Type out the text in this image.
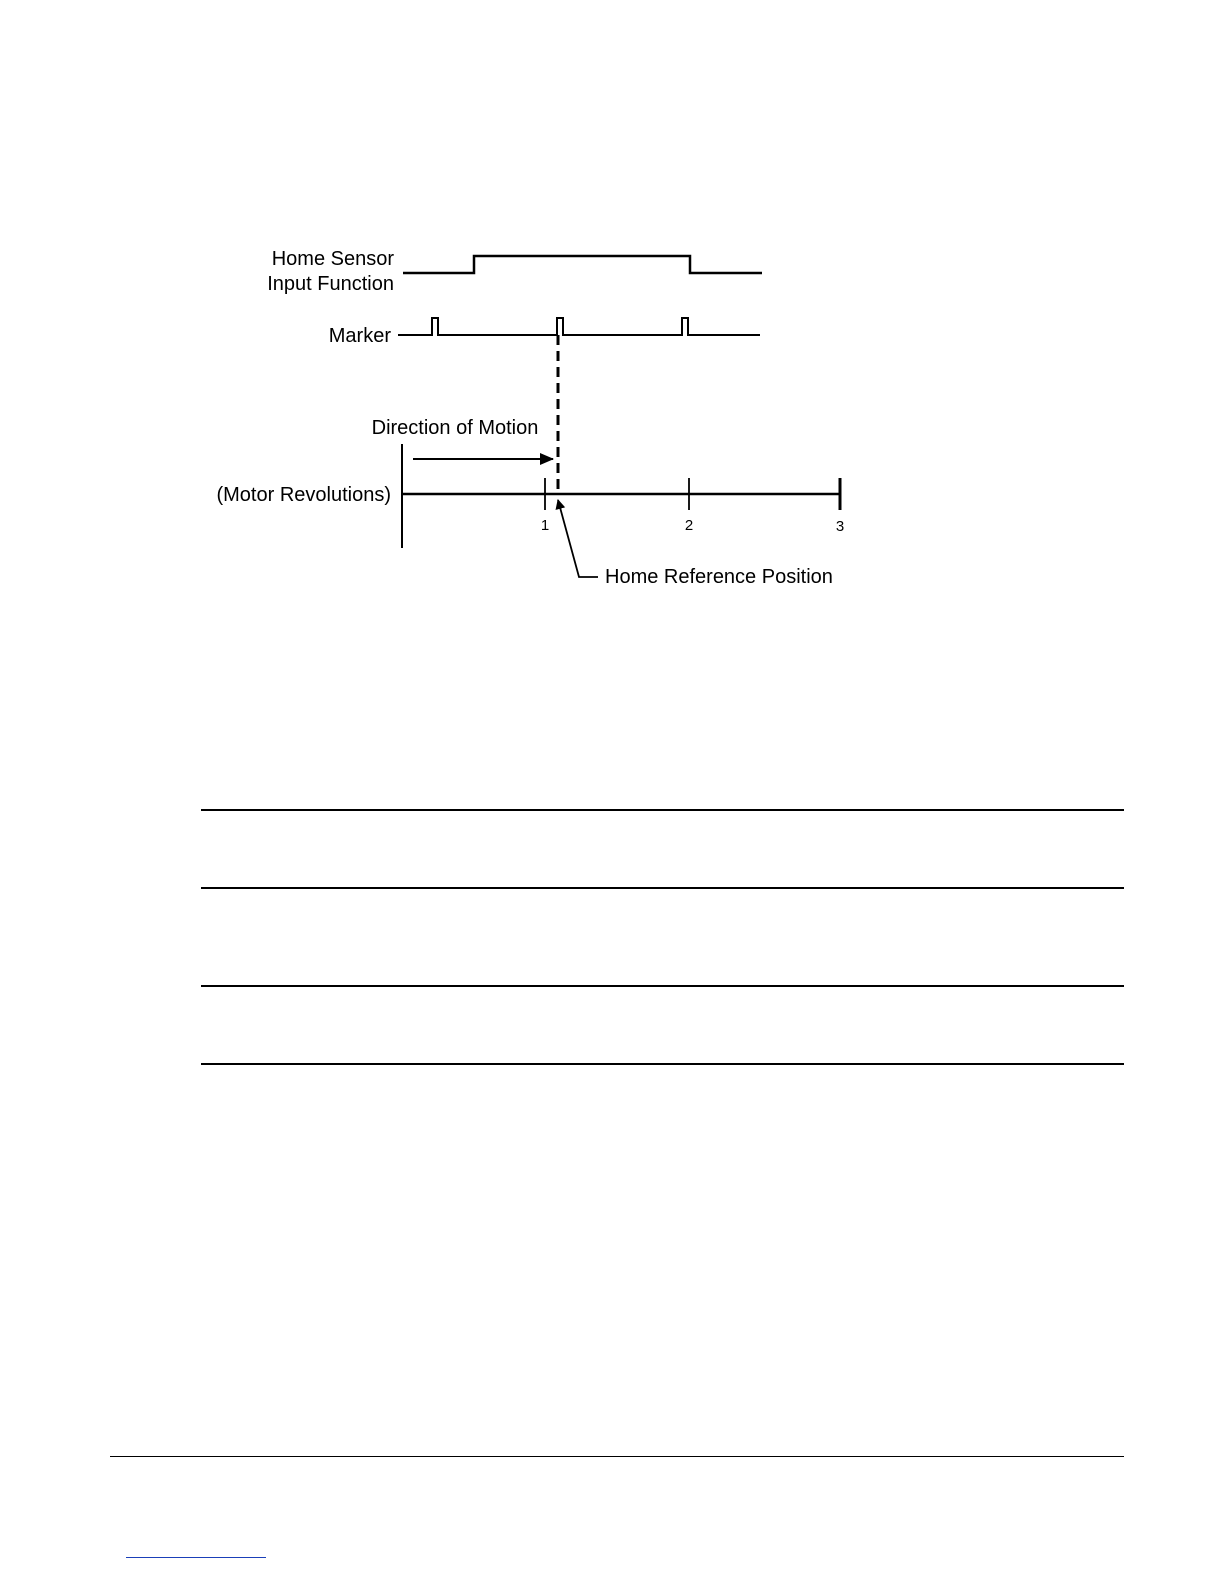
Home Sensor
Input Function
Marker
Direction of Motion
(Motor Revolutions)
1	2	3
Home Reference Position
